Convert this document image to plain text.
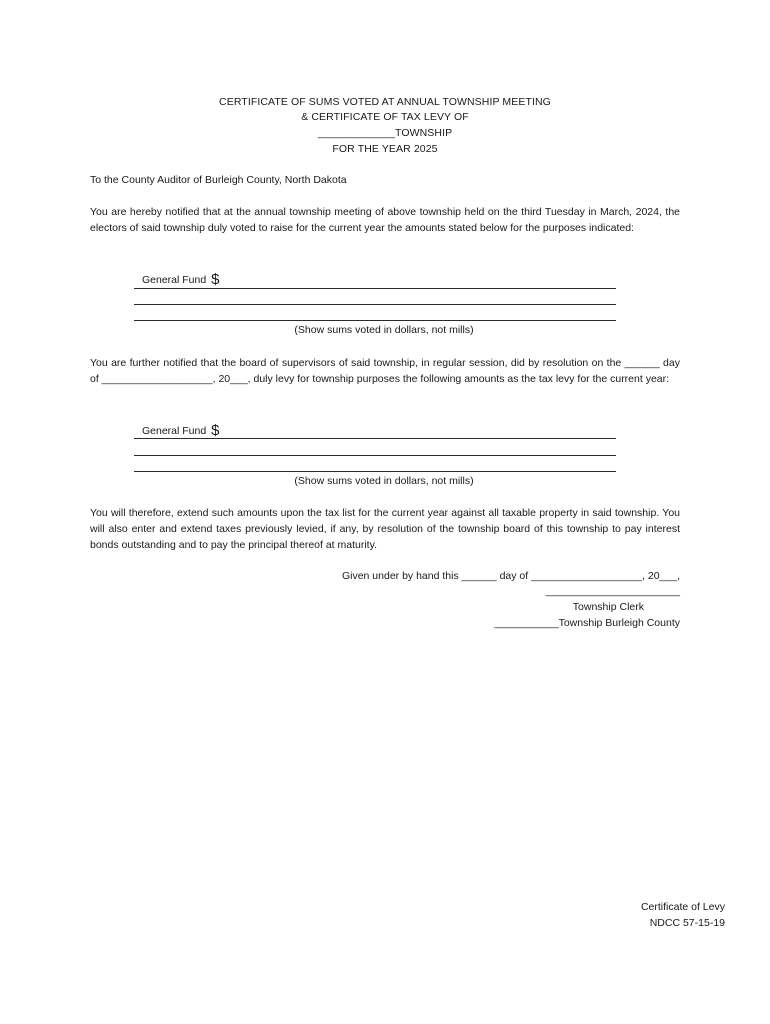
CERTIFICATE OF SUMS VOTED AT ANNUAL TOWNSHIP MEETING
& CERTIFICATE OF TAX LEVY OF
_____________TOWNSHIP
FOR THE YEAR 2025

To the County Auditor of Burleigh County, North Dakota

You are hereby notified that at the annual township meeting of above township held on the third Tuesday in March, 2024, the electors of said township duly voted to raise for the current year the amounts stated below for the purposes indicated:

General Fund $
(Show sums voted in dollars, not mills)

You are further notified that the board of supervisors of said township, in regular session, did by resolution on the ______ day of ___________________, 20___, duly levy for township purposes the following amounts as the tax levy for the current year:

General Fund $
(Show sums voted in dollars, not mills)

You will therefore, extend such amounts upon the tax list for the current year against all taxable property in said township. You will also enter and extend taxes previously levied, if any, by resolution of the township board of this township to pay interest bonds outstanding and to pay the principal thereof at maturity.

Given under by hand this ______ day of ___________________, 20___,
_______________________
Township Clerk
___________Township Burleigh County
Certificate of Levy
NDCC 57-15-19
